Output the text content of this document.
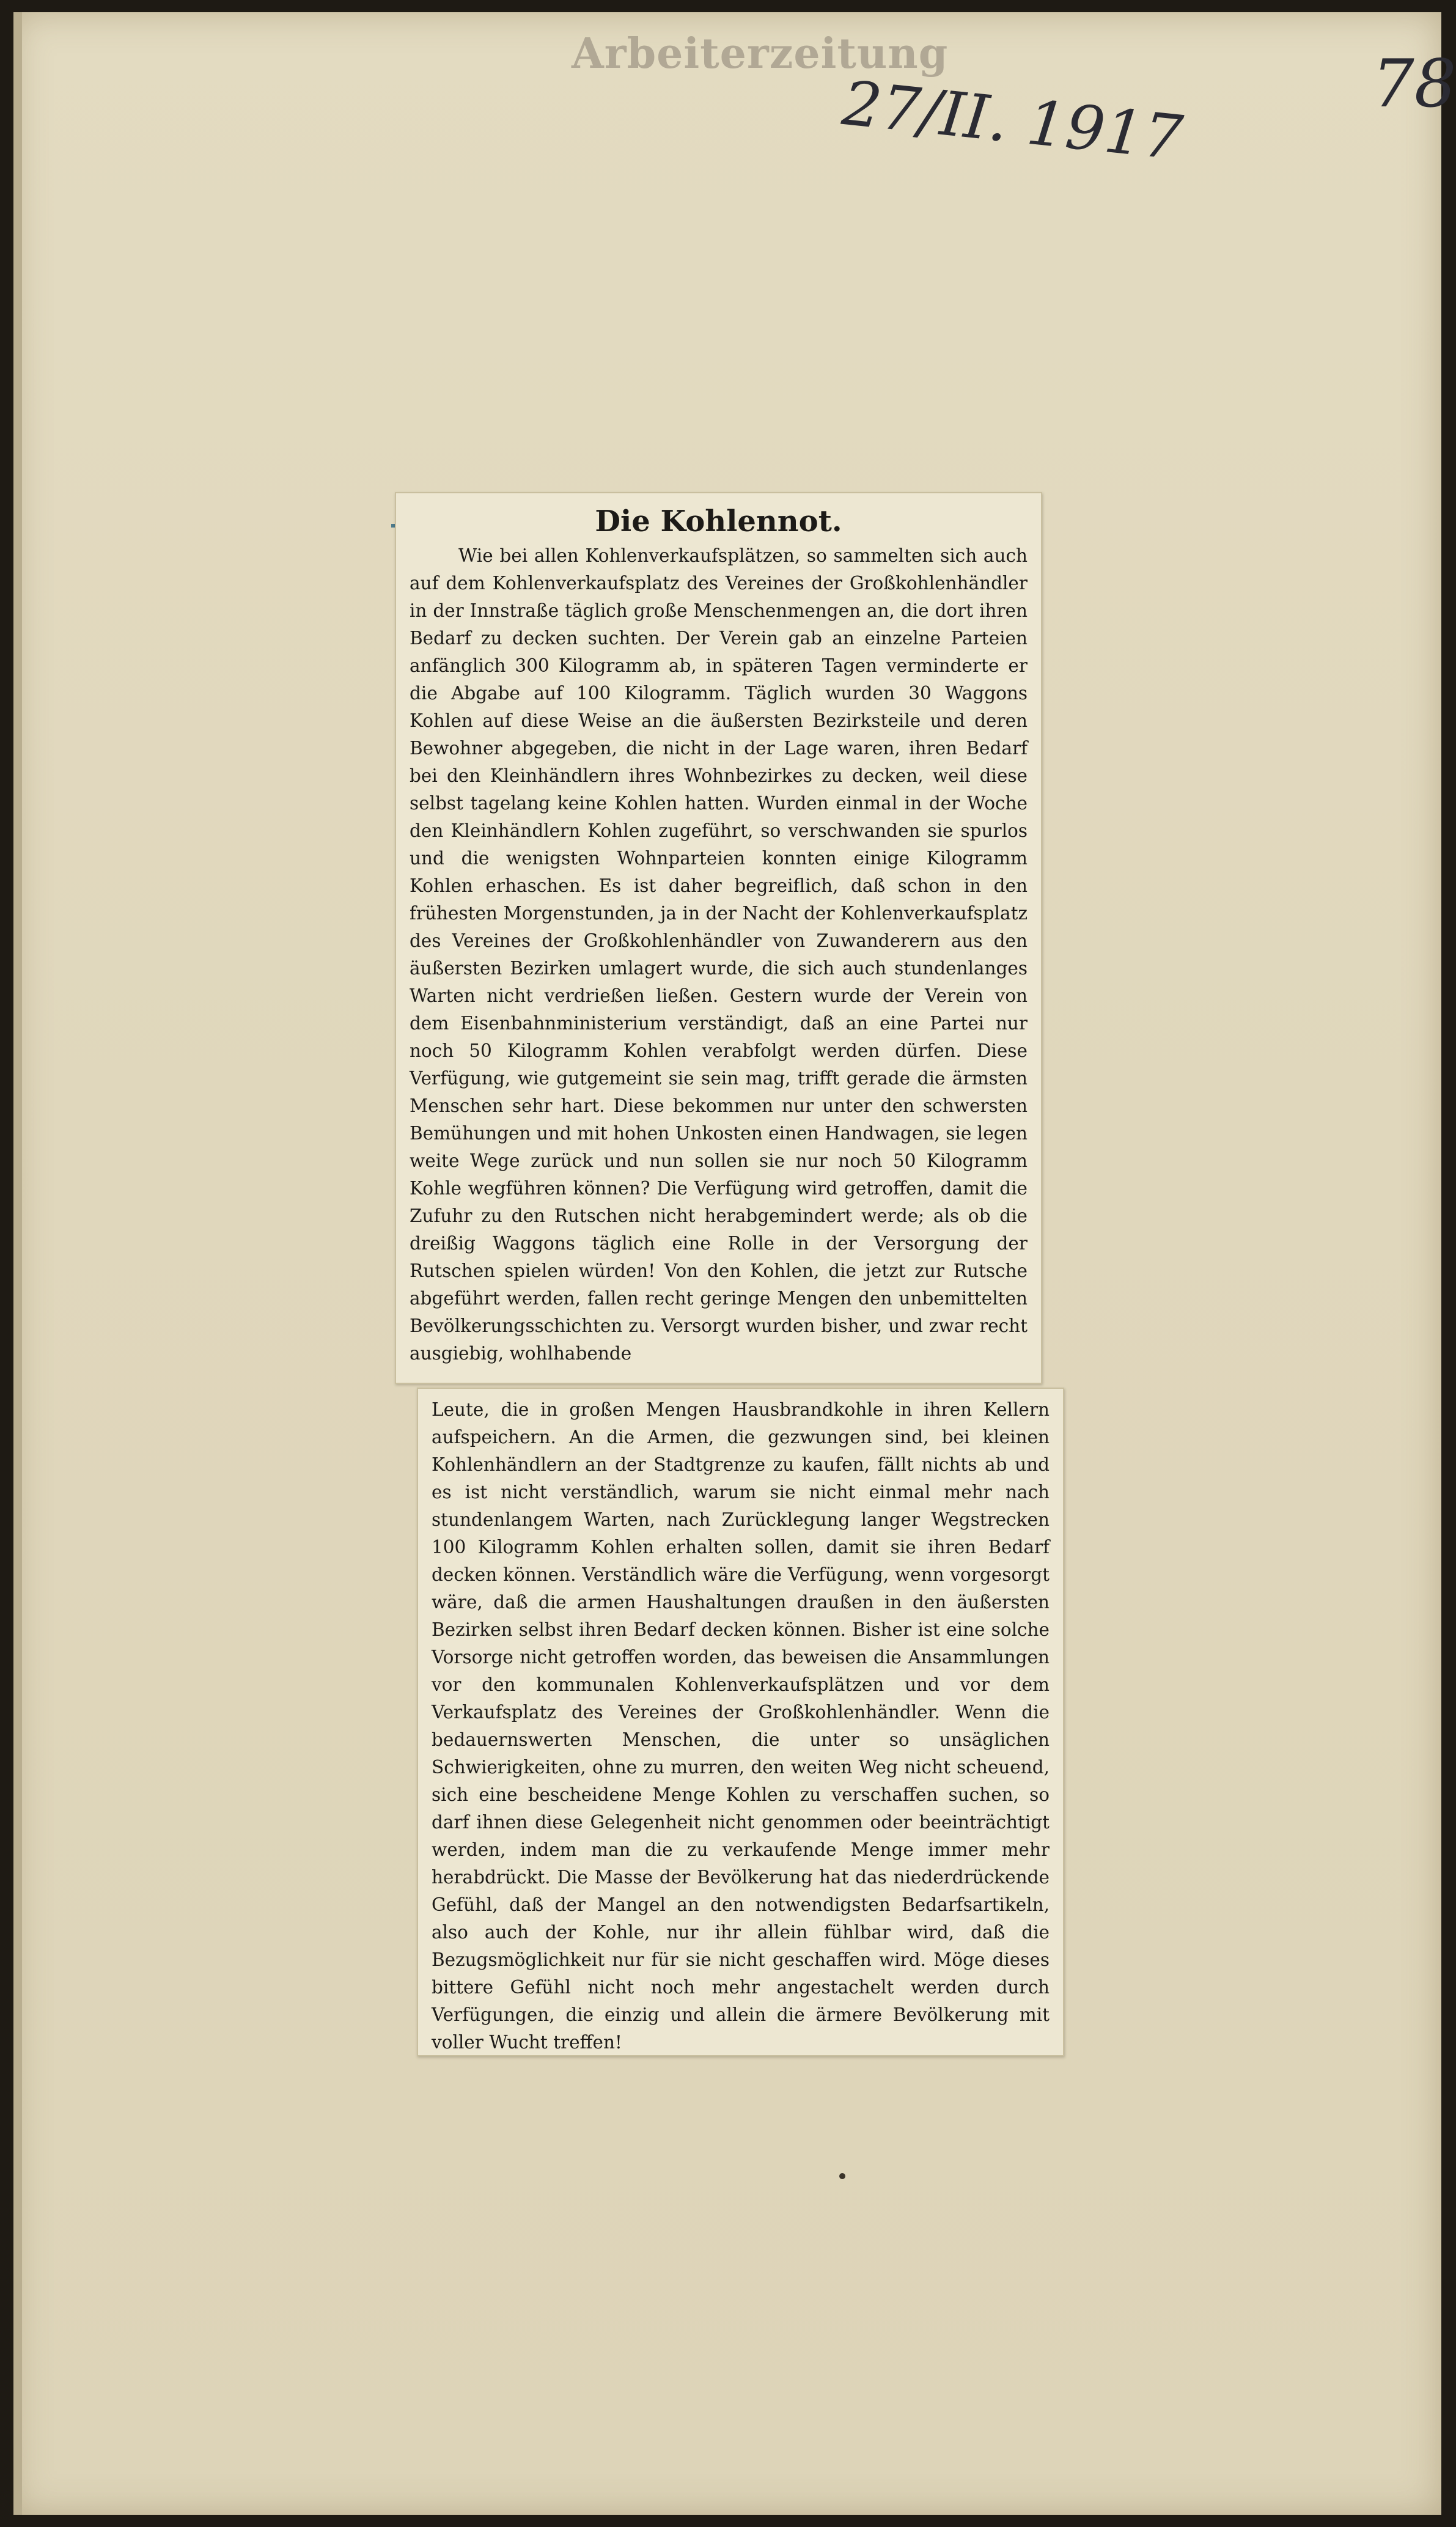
Arbeiterzeitung
27/II. 1917	78
Die Kohlennot.

Wie bei allen Kohlenverkaufsplätzen, so sammelten sich auch auf dem Kohlenverkaufsplatz des Vereines der Großkohlenhändler in der Innstraße täglich große Menschenmengen an, die dort ihren Bedarf zu decken suchten. Der Verein gab an einzelne Parteien anfänglich 300 Kilogramm ab, in späteren Tagen verminderte er die Abgabe auf 100 Kilogramm. Täglich wurden 30 Waggons Kohlen auf diese Weise an die äußersten Bezirksteile und deren Bewohner abgegeben, die nicht in der Lage waren, ihren Bedarf bei den Kleinhändlern ihres Wohnbezirkes zu decken, weil diese selbst tagelang keine Kohlen hatten. Wurden einmal in der Woche den Kleinhändlern Kohlen zugeführt, so verschwanden sie spurlos und die wenigsten Wohnparteien konnten einige Kilogramm Kohlen erhaschen. Es ist daher begreiflich, daß schon in den frühesten Morgenstunden, ja in der Nacht der Kohlenverkaufsplatz des Vereines der Großkohlenhändler von Zuwanderern aus den äußersten Bezirken umlagert wurde, die sich auch stundenlanges Warten nicht verdrießen ließen. Gestern wurde der Verein von dem Eisenbahnministerium verständigt, daß an eine Partei nur noch 50 Kilogramm Kohlen verabfolgt werden dürfen. Diese Verfügung, wie gutgemeint sie sein mag, trifft gerade die ärmsten Menschen sehr hart. Diese bekommen nur unter den schwersten Bemühungen und mit hohen Unkosten einen Handwagen, sie legen weite Wege zurück und nun sollen sie nur noch 50 Kilogramm Kohle wegführen können? Die Verfügung wird getroffen, damit die Zufuhr zu den Rutschen nicht herabgemindert werde; als ob die dreißig Waggons täglich eine Rolle in der Versorgung der Rutschen spielen würden! Von den Kohlen, die jetzt zur Rutsche abgeführt werden, fallen recht geringe Mengen den unbemittelten Bevölkerungsschichten zu. Versorgt wurden bisher, und zwar recht ausgiebig, wohlhabende

Leute, die in großen Mengen Hausbrandkohle in ihren Kellern aufspeichern. An die Armen, die gezwungen sind, bei kleinen Kohlenhändlern an der Stadtgrenze zu kaufen, fällt nichts ab und es ist nicht verständlich, warum sie nicht einmal mehr nach stundenlangem Warten, nach Zurücklegung langer Wegstrecken 100 Kilogramm Kohlen erhalten sollen, damit sie ihren Bedarf decken können. Verständlich wäre die Verfügung, wenn vorgesorgt wäre, daß die armen Haushaltungen draußen in den äußersten Bezirken selbst ihren Bedarf decken können. Bisher ist eine solche Vorsorge nicht getroffen worden, das beweisen die Ansammlungen vor den kommunalen Kohlenverkaufsplätzen und vor dem Verkaufsplatz des Vereines der Großkohlenhändler. Wenn die bedauernswerten Menschen, die unter so unsäglichen Schwierigkeiten, ohne zu murren, den weiten Weg nicht scheuend, sich eine bescheidene Menge Kohlen zu verschaffen suchen, so darf ihnen diese Gelegenheit nicht genommen oder beeinträchtigt werden, indem man die zu verkaufende Menge immer mehr herabdrückt. Die Masse der Bevölkerung hat das niederdrückende Gefühl, daß der Mangel an den notwendigsten Bedarfsartikeln, also auch der Kohle, nur ihr allein fühlbar wird, daß die Bezugsmöglichkeit nur für sie nicht geschaffen wird. Möge dieses bittere Gefühl nicht noch mehr angestachelt werden durch Verfügungen, die einzig und allein die ärmere Bevölkerung mit voller Wucht treffen!
